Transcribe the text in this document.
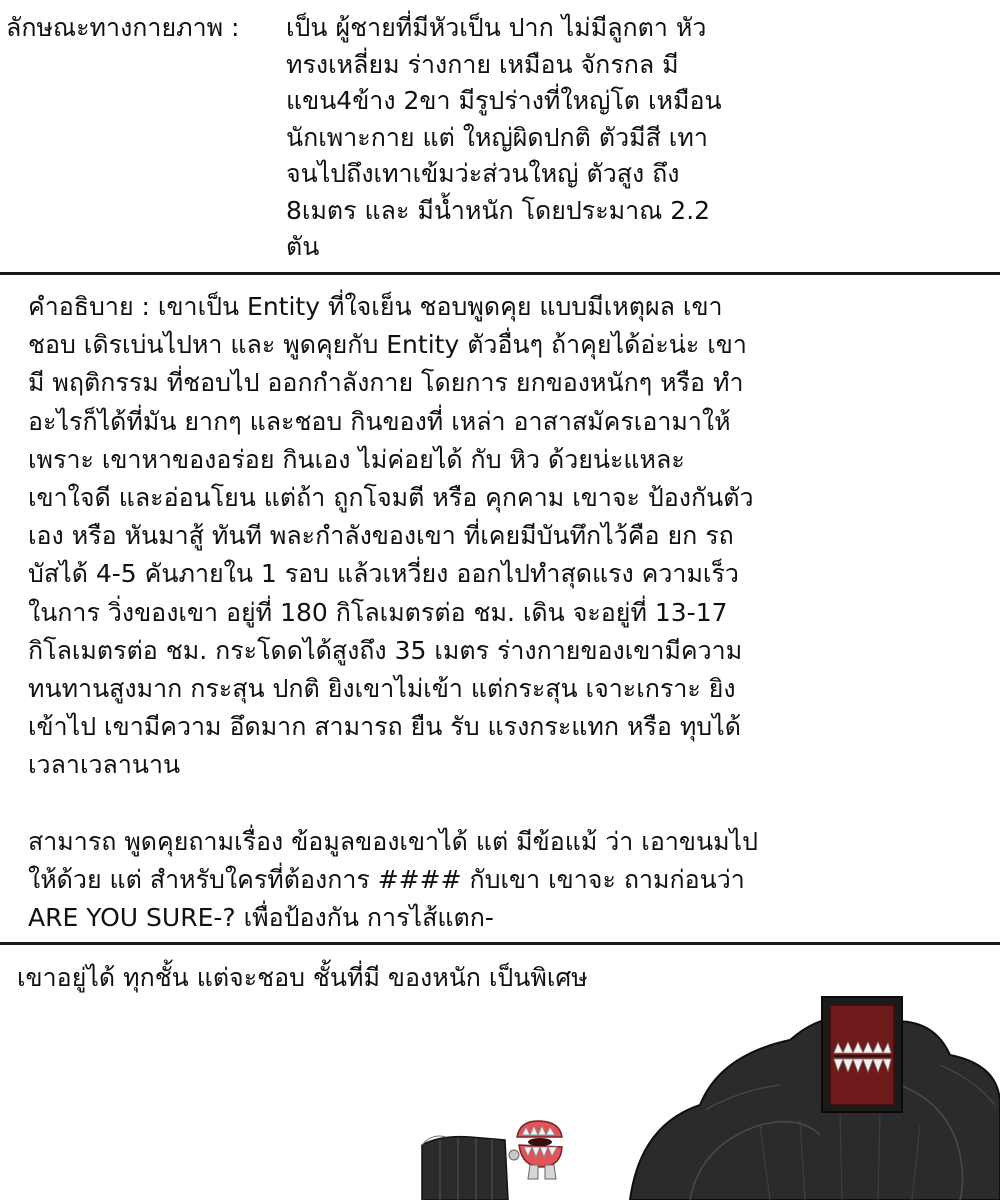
ลักษณะทางกายภาพ : เป็น ผู้ชายที่มีหัวเป็น ปาก ไม่มีลูกตา หัว
ทรงเหลี่ยม ร่างกาย เหมือน จักรกล มี
แขน4ข้าง 2ขา มีรูปร่างที่ใหญ่โต เหมือน
นักเพาะกาย แต่ ใหญ่ผิดปกติ ตัวมีสี เทา
จนไปถึงเทาเข้มว่ะส่วนใหญ่ ตัวสูง ถึง
8เมตร และ มีน้ำหนัก โดยประมาณ 2.2
ตัน
คำอธิบาย : เขาเป็น Entity ที่ใจเย็น ชอบพูดคุย แบบมีเหตุผล เขา
ชอบ เดิรเบ่นไปหา และ พูดคุยกับ Entity ตัวอื่นๆ ถ้าคุยได้อ่ะน่ะ เขา
มี พฤติกรรม ที่ชอบไป ออกกำลังกาย โดยการ ยกของหนักๆ หรือ ทำ
อะไรก็ได้ที่มัน ยากๆ และชอบ กินของที่ เหล่า อาสาสมัครเอามาให้
เพราะ เขาหาของอร่อย กินเอง ไม่ค่อยได้ กับ หิว ด้วยน่ะแหละ
เขาใจดี และอ่อนโยน แต่ถ้า ถูกโจมตี หรือ คุกคาม เขาจะ ป้องกันตัว
เอง หรือ หันมาสู้ ทันที พละกำลังของเขา ที่เคยมีบันทึกไว้คือ ยก รถ
บัสได้ 4-5 คันภายใน 1 รอบ แล้วเหวี่ยง ออกไปทำสุดแรง ความเร็ว
ในการ วิ่งของเขา อยู่ที่ 180 กิโลเมตรต่อ ชม. เดิน จะอยู่ที่ 13-17
กิโลเมตรต่อ ชม. กระโดดได้สูงถึง 35 เมตร ร่างกายของเขามีความ
ทนทานสูงมาก กระสุน ปกติ ยิงเขาไม่เข้า แต่กระสุน เจาะเกราะ ยิง
เข้าไป เขามีความ อึดมาก สามารถ ยืน รับ แรงกระแทก หรือ ทุบได้
เวลาเวลานาน
สามารถ พูดคุยถามเรื่อง ข้อมูลของเขาได้ แต่ มีข้อแม้ ว่า เอาขนมไป
ให้ด้วย แต่ สำหรับใครที่ต้องการ #### กับเขา เขาจะ ถามก่อนว่า
ARE YOU SURE-? เพื่อป้องกัน การไส้แตก-
เขาอยู่ได้ ทุกชั้น แต่จะชอบ ชั้นที่มี ของหนัก เป็นพิเศษ
